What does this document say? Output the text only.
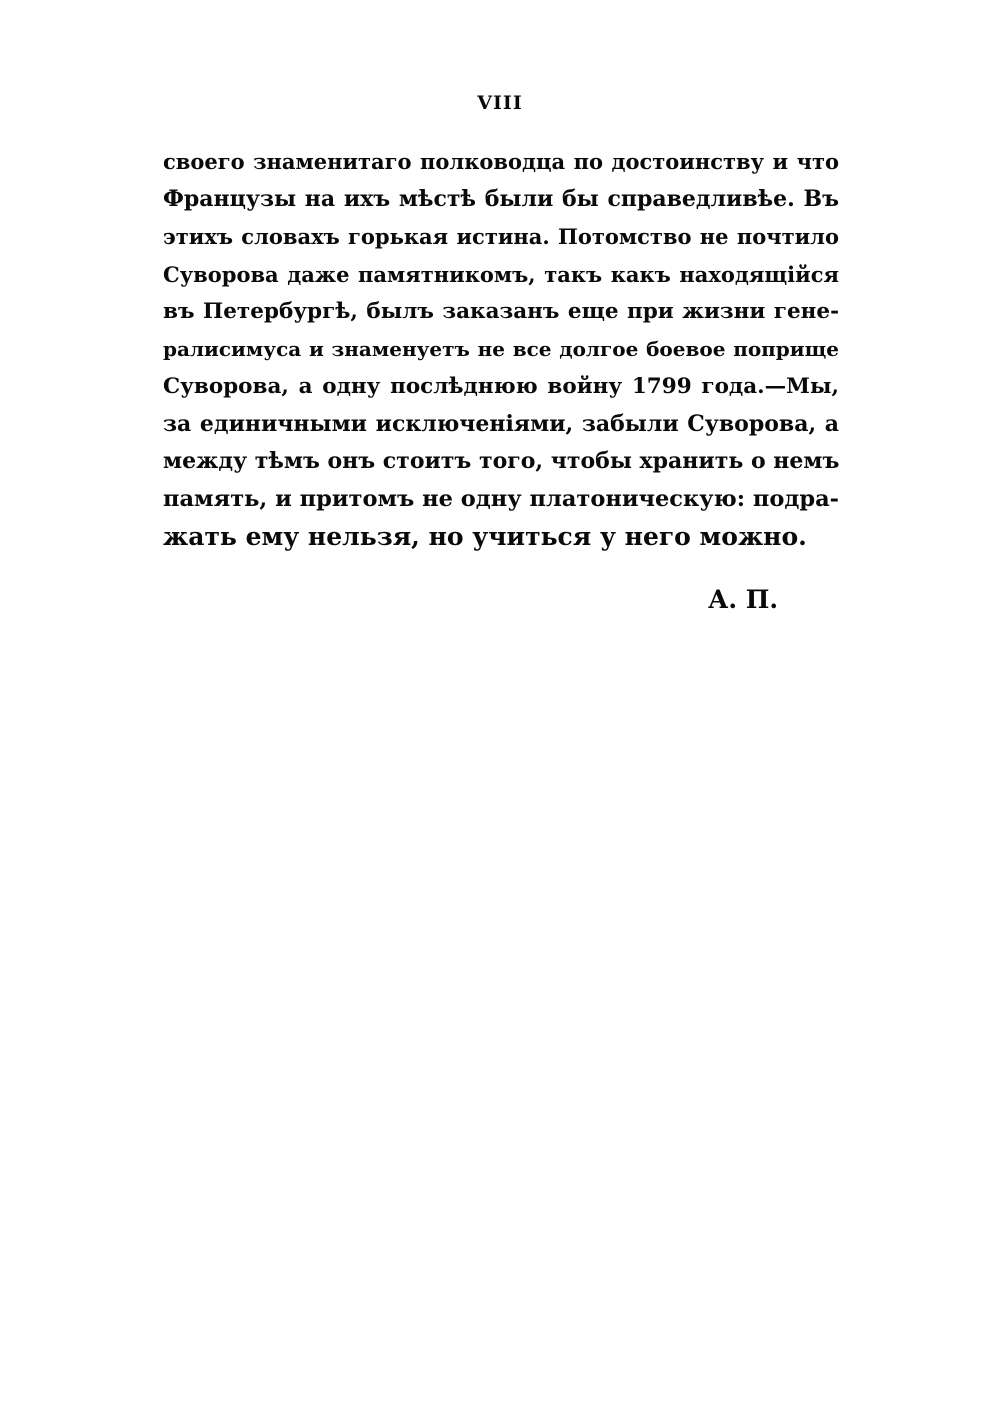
VIII
своего знаменитаго полководца по достоинству и что
Французы на ихъ мѣстѣ были бы справедливѣе. Въ
этихъ словахъ горькая истина. Потомство не почтило
Суворова даже памятникомъ, такъ какъ находящійся
въ Петербургѣ, былъ заказанъ еще при жизни гене-
ралисимуса и знаменуетъ не все долгое боевое поприще
Суворова, а одну послѣднюю войну 1799 года.—Мы,
за единичными исключеніями, забыли Суворова, а
между тѣмъ онъ стоитъ того, чтобы хранить о немъ
память, и притомъ не одну платоническую: подра-
жать ему нельзя, но учиться у него можно.
А. П.
